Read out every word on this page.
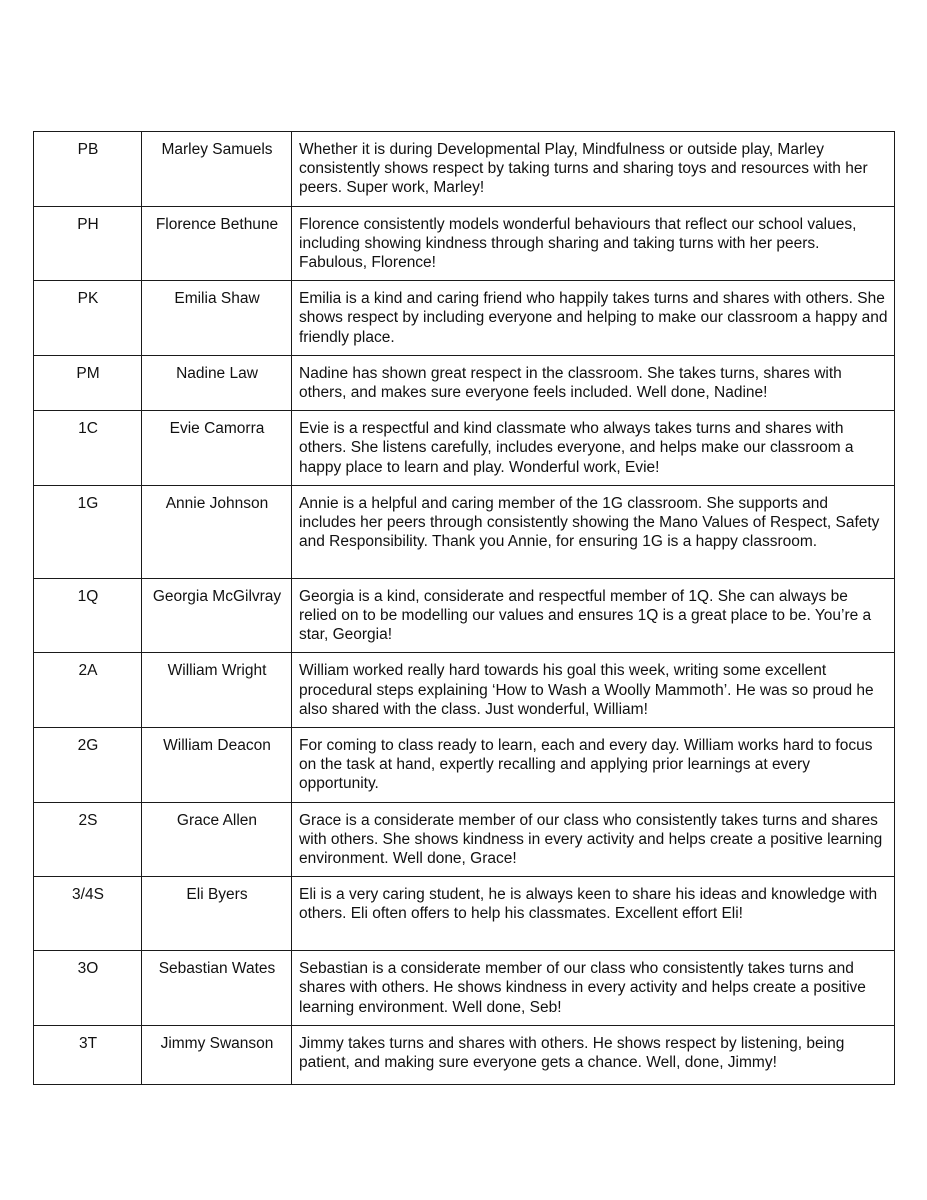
PB	Marley Samuels	Whether it is during Developmental Play, Mindfulness or outside play, Marley consistently shows respect by taking turns and sharing toys and resources with her peers. Super work, Marley!
PH	Florence Bethune	Florence consistently models wonderful behaviours that reflect our school values, including showing kindness through sharing and taking turns with her peers. Fabulous, Florence!
PK	Emilia Shaw	Emilia is a kind and caring friend who happily takes turns and shares with others. She shows respect by including everyone and helping to make our classroom a happy and friendly place.
PM	Nadine Law	Nadine has shown great respect in the classroom. She takes turns, shares with others, and makes sure everyone feels included. Well done, Nadine!
1C	Evie Camorra	Evie is a respectful and kind classmate who always takes turns and shares with others. She listens carefully, includes everyone, and helps make our classroom a happy place to learn and play. Wonderful work, Evie!
1G	Annie Johnson	Annie is a helpful and caring member of the 1G classroom. She supports and includes her peers through consistently showing the Mano Values of Respect, Safety and Responsibility. Thank you Annie, for ensuring 1G is a happy classroom.
1Q	Georgia McGilvray	Georgia is a kind, considerate and respectful member of 1Q. She can always be relied on to be modelling our values and ensures 1Q is a great place to be. You’re a star, Georgia!
2A	William Wright	William worked really hard towards his goal this week, writing some excellent procedural steps explaining ‘How to Wash a Woolly Mammoth’. He was so proud he also shared with the class. Just wonderful, William!
2G	William Deacon	For coming to class ready to learn, each and every day. William works hard to focus on the task at hand, expertly recalling and applying prior learnings at every opportunity.
2S	Grace Allen	Grace is a considerate member of our class who consistently takes turns and shares with others. She shows kindness in every activity and helps create a positive learning environment. Well done, Grace!
3/4S	Eli Byers	Eli is a very caring student, he is always keen to share his ideas and knowledge with others. Eli often offers to help his classmates. Excellent effort Eli!
3O	Sebastian Wates	Sebastian is a considerate member of our class who consistently takes turns and shares with others. He shows kindness in every activity and helps create a positive learning environment. Well done, Seb!
3T	Jimmy Swanson	Jimmy takes turns and shares with others. He shows respect by listening, being patient, and making sure everyone gets a chance. Well, done, Jimmy!
